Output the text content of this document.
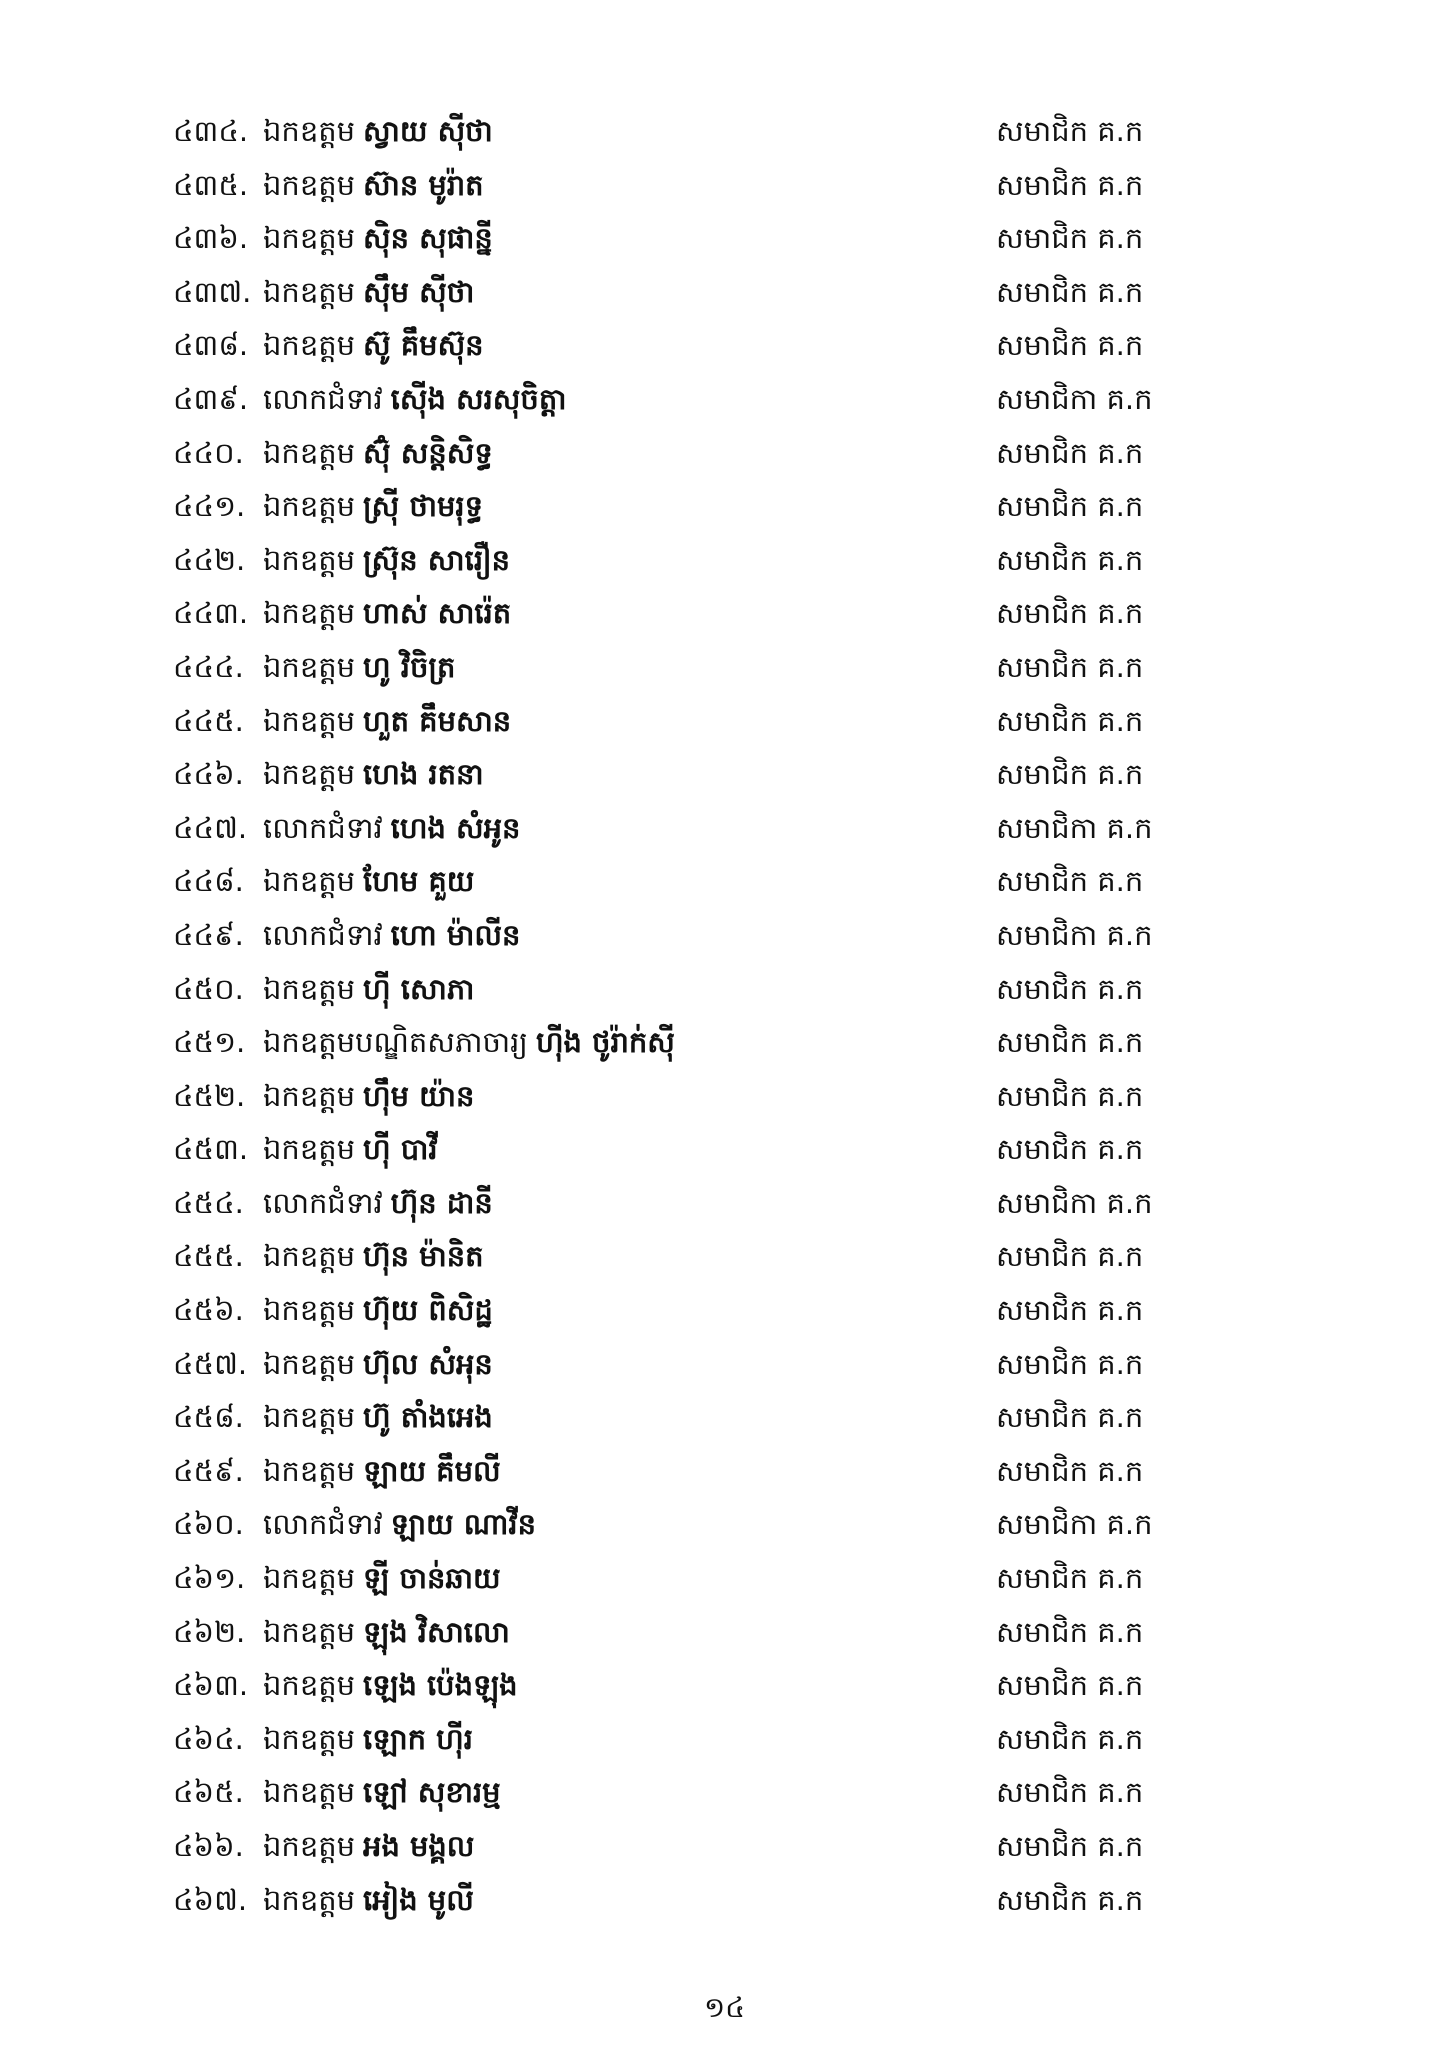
៤៣៤. ឯកឧត្តម ស្វាយ ស៊ីថា	សមាជិក គ.ក
៤៣៥. ឯកឧត្តម ស៊ាន មូរ៉ាត	សមាជិក គ.ក
៤៣៦. ឯកឧត្តម ស៊ិន សុផាន្នី	សមាជិក គ.ក
៤៣៧. ឯកឧត្តម ស៊ឹម ស៊ីថា	សមាជិក គ.ក
៤៣៨. ឯកឧត្តម ស៊ូ គឹមស៊ុន	សមាជិក គ.ក
៤៣៩. លោកជំទាវ ស៊ើង សរសុចិត្តា	សមាជិកា គ.ក
៤៤០. ឯកឧត្តម ស៊ុំ សន្តិសិទ្ធ	សមាជិក គ.ក
៤៤១. ឯកឧត្តម ស្រ៊ី ថាមរុទ្ធ	សមាជិក គ.ក
៤៤២. ឯកឧត្តម ស្រ៊ុន សារឿន	សមាជិក គ.ក
៤៤៣. ឯកឧត្តម ហាស់ សារ៉េត	សមាជិក គ.ក
៤៤៤. ឯកឧត្តម ហូ វិចិត្រ	សមាជិក គ.ក
៤៤៥. ឯកឧត្តម ហួត គឹមសាន	សមាជិក គ.ក
៤៤៦. ឯកឧត្តម ហេង រតនា	សមាជិក គ.ក
៤៤៧. លោកជំទាវ ហេង សំអូន	សមាជិកា គ.ក
៤៤៨. ឯកឧត្តម ហែម គួយ	សមាជិក គ.ក
៤៤៩. លោកជំទាវ ហោ ម៉ាលីន	សមាជិកា គ.ក
៤៥០. ឯកឧត្តម ហ៊ី សោភា	សមាជិក គ.ក
៤៥១. ឯកឧត្តមបណ្ឌិតសភាចារ្យ ហ៊ីង ថូរ៉ាក់ស៊ី	សមាជិក គ.ក
៤៥២. ឯកឧត្តម ហ៊ឹម យ៉ាន	សមាជិក គ.ក
៤៥៣. ឯកឧត្តម ហ៊ី បាវី	សមាជិក គ.ក
៤៥៤. លោកជំទាវ ហ៊ុន ដានី	សមាជិកា គ.ក
៤៥៥. ឯកឧត្តម ហ៊ុន ម៉ានិត	សមាជិក គ.ក
៤៥៦. ឯកឧត្តម ហ៊ុយ ពិសិដ្ឋ	សមាជិក គ.ក
៤៥៧. ឯកឧត្តម ហ៊ុល សំអុន	សមាជិក គ.ក
៤៥៨. ឯកឧត្តម ហ៊ូ តាំងអេង	សមាជិក គ.ក
៤៥៩. ឯកឧត្តម ឡាយ គឹមលី	សមាជិក គ.ក
៤៦០. លោកជំទាវ ឡាយ ណាវីន	សមាជិកា គ.ក
៤៦១. ឯកឧត្តម ឡី ចាន់ឆាយ	សមាជិក គ.ក
៤៦២. ឯកឧត្តម ឡុង វិសាលោ	សមាជិក គ.ក
៤៦៣. ឯកឧត្តម ឡេង ប៉េងឡុង	សមាជិក គ.ក
៤៦៤. ឯកឧត្តម ឡោក ហ៊ីរ	សមាជិក គ.ក
៤៦៥. ឯកឧត្តម ឡៅ សុខារម្ម	សមាជិក គ.ក
៤៦៦. ឯកឧត្តម អង មង្គល	សមាជិក គ.ក
៤៦៧. ឯកឧត្តម អៀង មូលី	សមាជិក គ.ក
១៤
